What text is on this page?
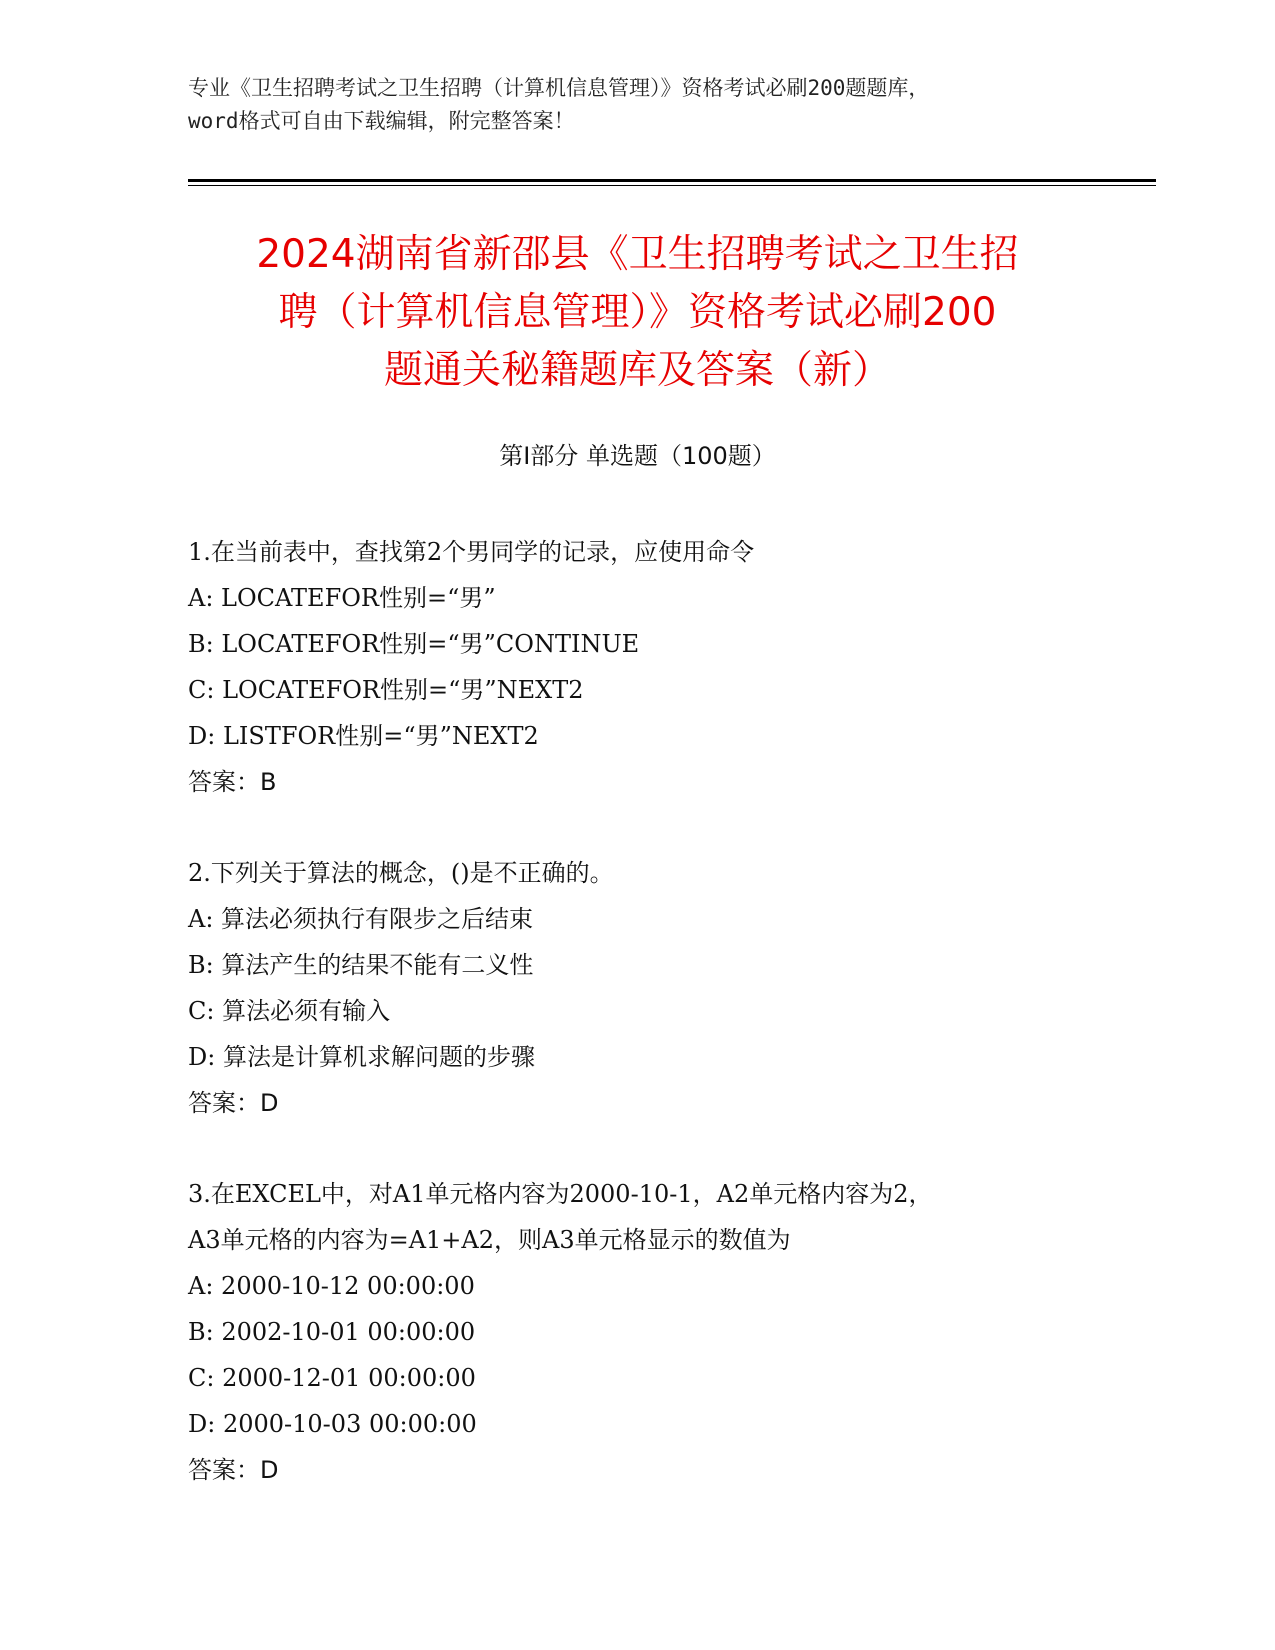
专业《卫生招聘考试之卫生招聘（计算机信息管理）》资格考试必刷200题题库，
word格式可自由下载编辑，附完整答案！
2024湖南省新邵县《卫生招聘考试之卫生招
聘（计算机信息管理）》资格考试必刷200
题通关秘籍题库及答案（新）
第Ⅰ部分 单选题（100题）
1.在当前表中，查找第2个男同学的记录，应使用命令
A: LOCATEFOR性别=“男”
B: LOCATEFOR性别=“男”CONTINUE
C: LOCATEFOR性别=“男”NEXT2
D: LISTFOR性别=“男”NEXT2
答案：B
2.下列关于算法的概念，()是不正确的。
A: 算法必须执行有限步之后结束
B: 算法产生的结果不能有二义性
C: 算法必须有输入
D: 算法是计算机求解问题的步骤
答案：D
3.在EXCEL中，对A1单元格内容为2000-10-1，A2单元格内容为2，
A3单元格的内容为=A1+A2，则A3单元格显示的数值为
A: 2000-10-12 00:00:00
B: 2002-10-01 00:00:00
C: 2000-12-01 00:00:00
D: 2000-10-03 00:00:00
答案：D
